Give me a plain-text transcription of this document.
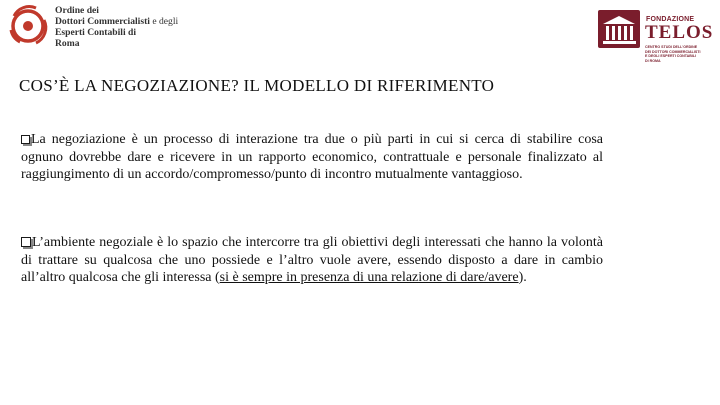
Ordine dei
Dottori Commercialisti e degli
Esperti Contabili di
Roma
FONDAZIONE
TELOS
CENTRO STUDI DELL'ORDINE
DEI DOTTORI COMMERCIALISTI
E DEGLI ESPERTI CONTABILI
DI ROMA
COS’È LA NEGOZIAZIONE? IL MODELLO DI RIFERIMENTO

La negoziazione è un processo di interazione tra due o più parti in cui si cerca di stabilire cosa ognuno dovrebbe dare e ricevere in un rapporto economico, contrattuale e personale finalizzato al raggiungimento di un accordo/compromesso/punto di incontro mutualmente vantaggioso.

L’ambiente negoziale è lo spazio che intercorre tra gli obiettivi degli interessati che hanno la volontà di trattare su qualcosa che uno possiede e l’altro vuole avere, essendo disposto a dare in cambio all’altro qualcosa che gli interessa (si è sempre in presenza di una relazione di dare/avere).
